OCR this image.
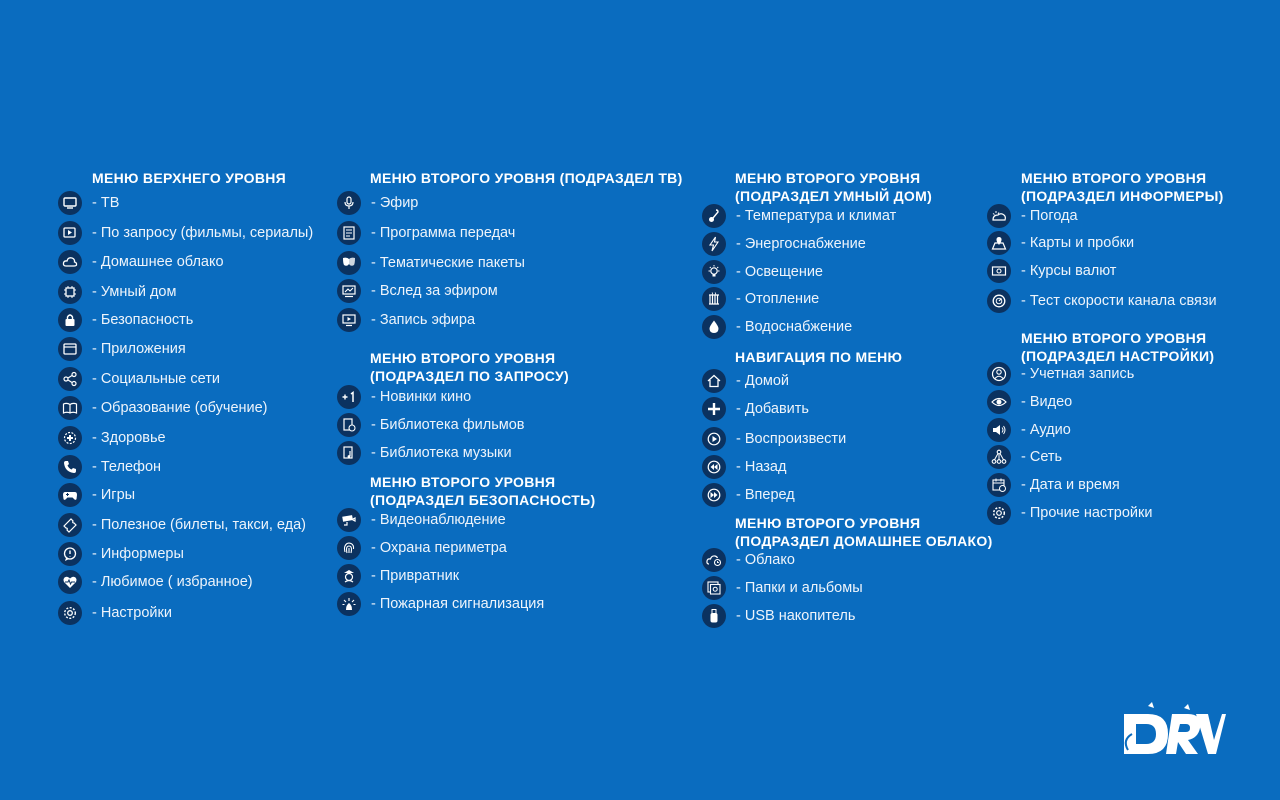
МЕНЮ ВЕРХНЕГО УРОВНЯ
- ТВ
- По запросу (фильмы, сериалы)
- Домашнее облако
- Умный дом
- Безопасность
- Приложения
- Социальные сети
- Образование (обучение)
- Здоровье
- Телефон
- Игры
- Полезное (билеты, такси, еда)
- Информеры
- Любимое ( избранное)
- Настройки
МЕНЮ ВТОРОГО УРОВНЯ (ПОДРАЗДЕЛ ТВ)
- Эфир
- Программа передач
- Тематические пакеты
- Вслед за эфиром
- Запись эфира
МЕНЮ ВТОРОГО УРОВНЯ
(ПОДРАЗДЕЛ ПО ЗАПРОСУ)
- Новинки кино
- Библиотека фильмов
- Библиотека музыки
МЕНЮ ВТОРОГО УРОВНЯ
(ПОДРАЗДЕЛ БЕЗОПАСНОСТЬ)
- Видеонаблюдение
- Охрана периметра
- Привратник
- Пожарная сигнализация
МЕНЮ ВТОРОГО УРОВНЯ
(ПОДРАЗДЕЛ УМНЫЙ ДОМ)
- Температура и климат
- Энергоснабжение
- Освещение
- Отопление
- Водоснабжение
НАВИГАЦИЯ ПО МЕНЮ
- Домой
- Добавить
- Воспроизвести
- Назад
- Вперед
МЕНЮ ВТОРОГО УРОВНЯ
(ПОДРАЗДЕЛ ДОМАШНЕЕ ОБЛАКО)
- Облако
- Папки и альбомы
- USB накопитель
МЕНЮ ВТОРОГО УРОВНЯ
(ПОДРАЗДЕЛ ИНФОРМЕРЫ)
- Погода
- Карты и пробки
- Курсы валют
- Тест скорости канала связи
МЕНЮ ВТОРОГО УРОВНЯ
(ПОДРАЗДЕЛ НАСТРОЙКИ)
- Учетная запись
- Видео
- Аудио
- Сеть
- Дата и время
- Прочие настройки
